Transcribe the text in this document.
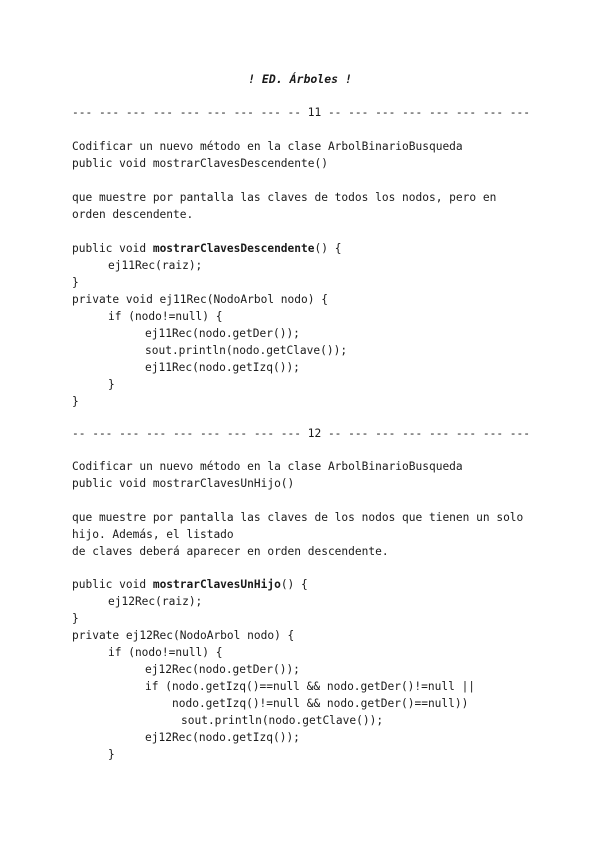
! ED. Árboles !
--- --- --- --- --- --- --- --- -- 11 -- --- --- --- --- --- --- ---
Codificar un nuevo método en la clase ArbolBinarioBusqueda
public void mostrarClavesDescendente()
que muestre por pantalla las claves de todos los nodos, pero en
orden descendente.
public void mostrarClavesDescendente() {
ej11Rec(raiz);
}
private void ej11Rec(NodoArbol nodo) {
if (nodo!=null) {
ej11Rec(nodo.getDer());
sout.println(nodo.getClave());
ej11Rec(nodo.getIzq());
}
}
-- --- --- --- --- --- --- --- --- 12 -- --- --- --- --- --- --- ---
Codificar un nuevo método en la clase ArbolBinarioBusqueda
public void mostrarClavesUnHijo()
que muestre por pantalla las claves de los nodos que tienen un solo
hijo. Además, el listado
de claves deberá aparecer en orden descendente.
public void mostrarClavesUnHijo() {
ej12Rec(raiz);
}
private ej12Rec(NodoArbol nodo) {
if (nodo!=null) {
ej12Rec(nodo.getDer());
if (nodo.getIzq()==null && nodo.getDer()!=null ||
nodo.getIzq()!=null && nodo.getDer()==null))
sout.println(nodo.getClave());
ej12Rec(nodo.getIzq());
}
